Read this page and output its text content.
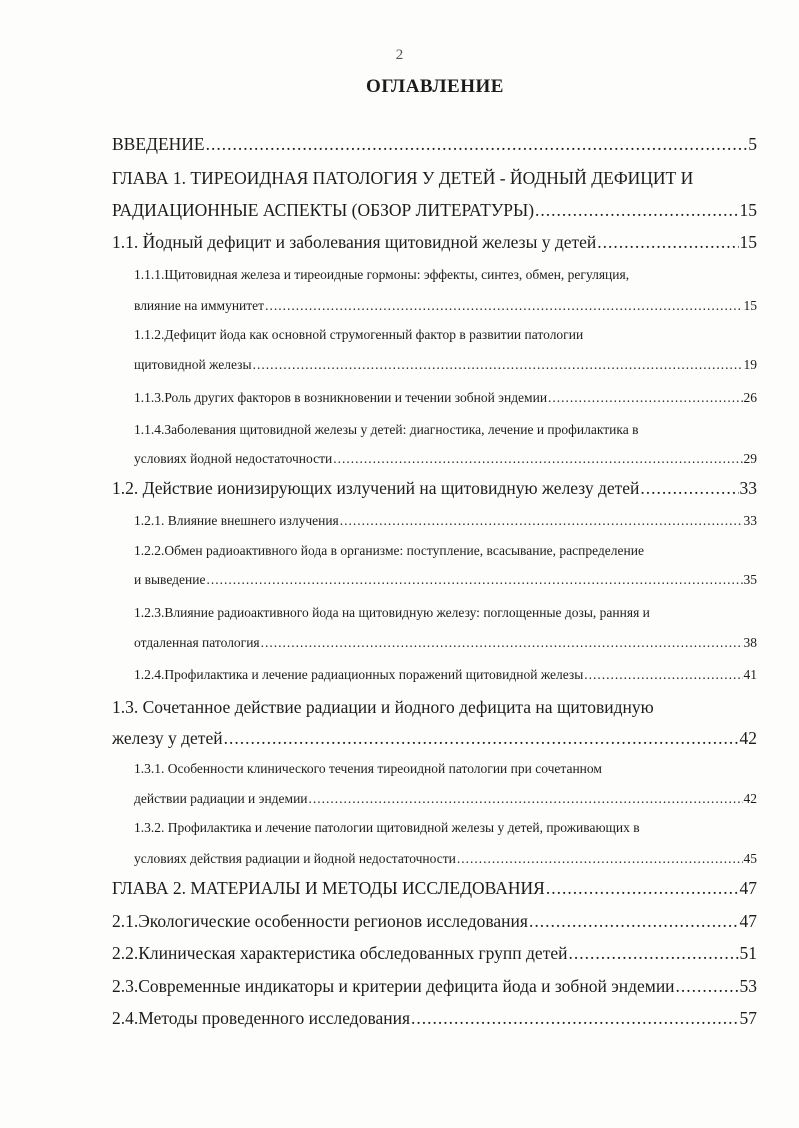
2
ОГЛАВЛЕНИЕ
ВВЕДЕНИЕ .....	5
ГЛАВА 1. ТИРЕОИДНАЯ ПАТОЛОГИЯ У ДЕТЕЙ - ЙОДНЫЙ ДЕФИЦИТ И
РАДИАЦИОННЫЕ АСПЕКТЫ (ОБЗОР ЛИТЕРАТУРЫ) .....	15
1.1. Йодный дефицит и заболевания щитовидной железы у детей .....	15
1.1.1.Щитовидная железа и тиреоидные гормоны: эффекты, синтез, обмен, регуляция,
влияние на иммунитет .....	15
1.1.2.Дефицит йода как основной струмогенный фактор в развитии патологии
щитовидной железы .....	19
1.1.3.Роль других факторов в возникновении и течении зобной эндемии .....	26
1.1.4.Заболевания щитовидной железы у детей: диагностика, лечение и профилактика в
условиях йодной недостаточности .....	29
1.2. Действие ионизирующих излучений на щитовидную железу детей .....	33
1.2.1. Влияние внешнего излучения .....	33
1.2.2.Обмен радиоактивного йода в организме: поступление, всасывание, распределение
и выведение .....	35
1.2.3.Влияние радиоактивного йода на щитовидную железу: поглощенные дозы, ранняя и
отдаленная патология .....	38
1.2.4.Профилактика и лечение радиационных поражений щитовидной железы .....	41
1.3. Сочетанное действие радиации и йодного дефицита на щитовидную
железу у детей .....	42
1.3.1. Особенности клинического течения тиреоидной патологии при сочетанном
действии радиации и эндемии .....	42
1.3.2. Профилактика и лечение патологии щитовидной железы у детей, проживающих в
условиях действия радиации и йодной недостаточности .....	45
ГЛАВА 2. МАТЕРИАЛЫ И МЕТОДЫ ИССЛЕДОВАНИЯ .....	47
2.1.Экологические особенности регионов исследования .....	47
2.2.Клиническая характеристика обследованных групп детей .....	51
2.3.Современные индикаторы и критерии дефицита йода и зобной эндемии .....	53
2.4.Методы проведенного исследования .....	57
